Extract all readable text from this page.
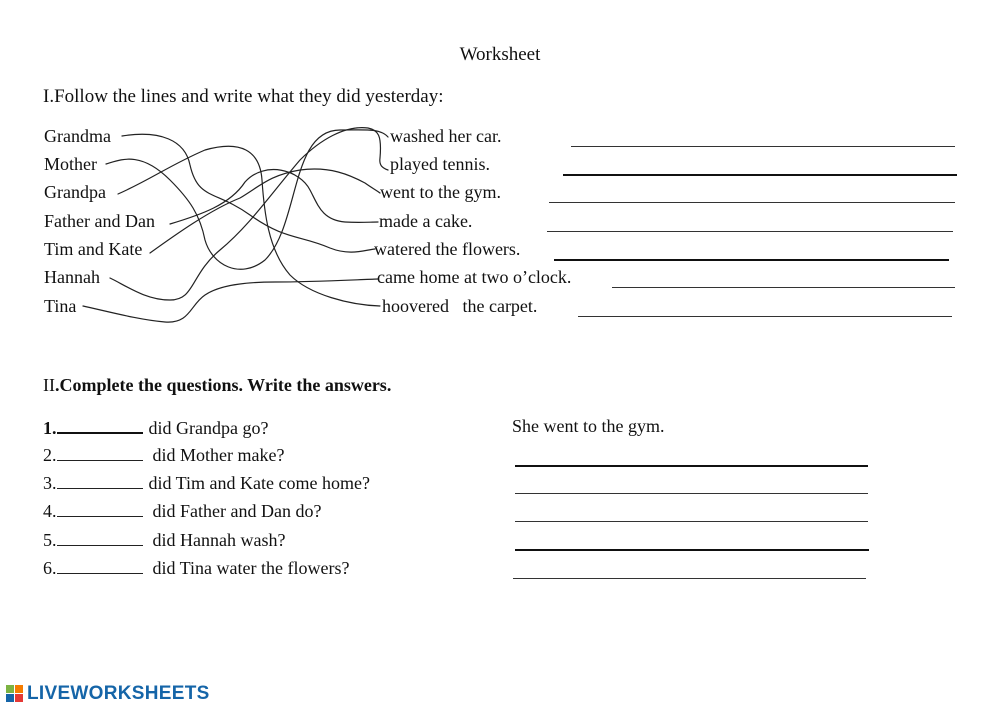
Worksheet
I.Follow the lines and write what they did yesterday:
Grandma
Mother
Grandpa
Father and Dan
Tim and Kate
Hannah
Tina
washed her car.
played tennis.
went to the gym.
made a cake.
watered the flowers.
came home at two o’clock.
hoovered   the carpet.
II.Complete the questions. Write the answers.
1.	did Grandpa go?	She went to the gym.
2.	did Mother make?
3.	did Tim and Kate come home?
4.	did Father and Dan do?
5.	did Hannah wash?
6.	did Tina water the flowers?
LIVEWORKSHEETS
